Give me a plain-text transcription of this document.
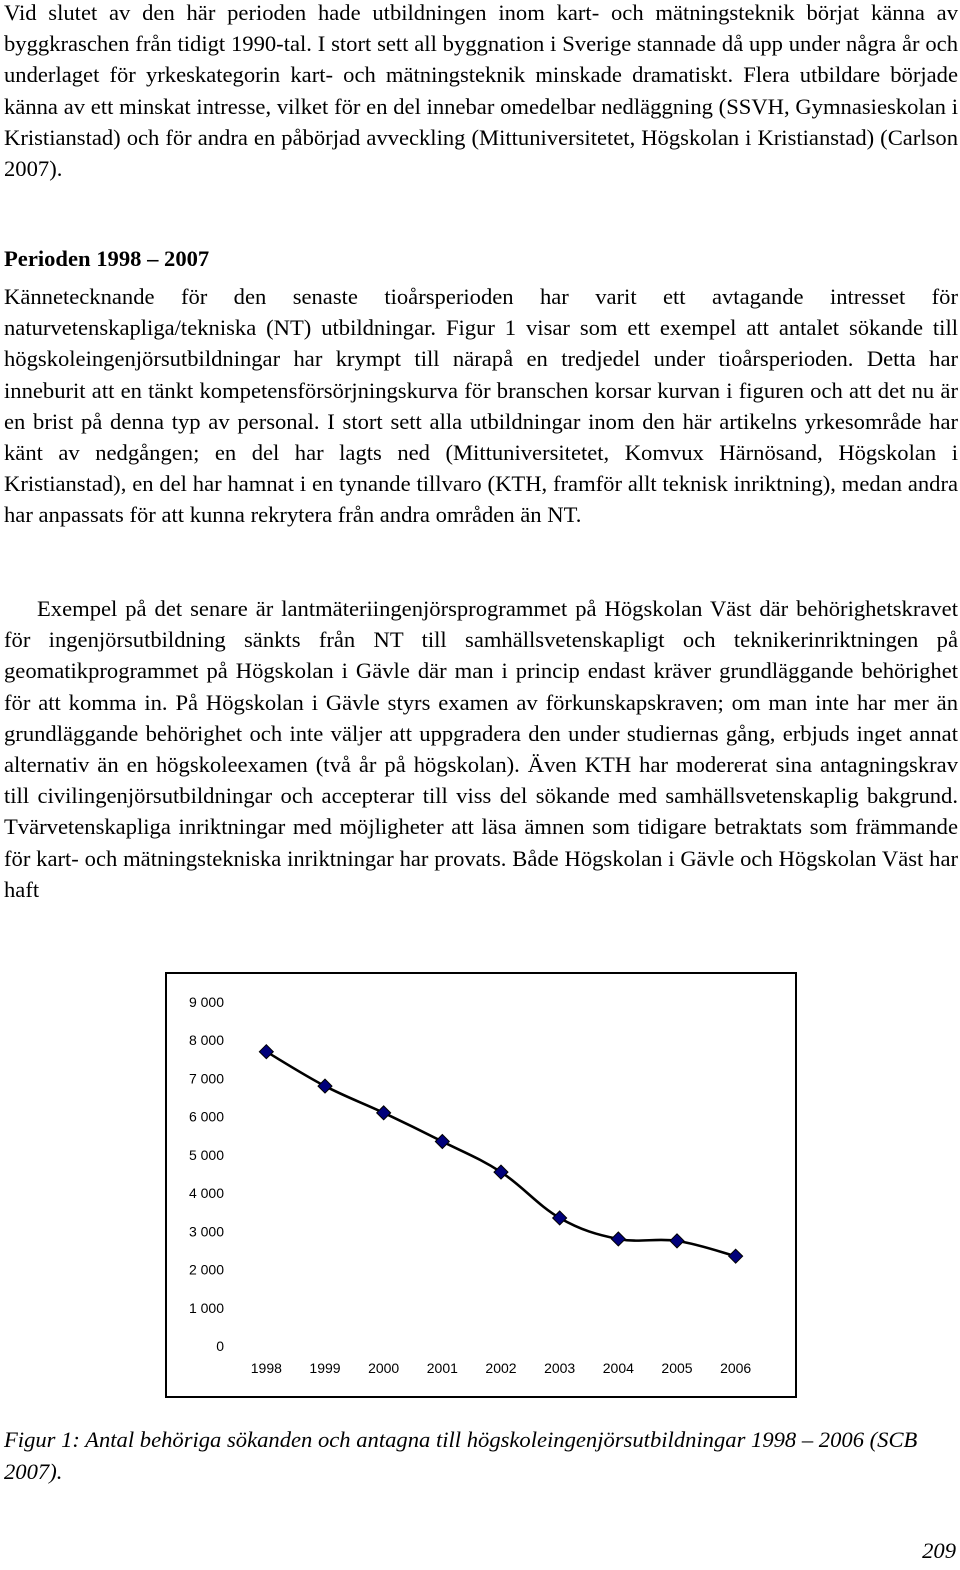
Vid slutet av den här perioden hade utbildningen inom kart- och mätningsteknik börjat känna av byggkraschen från tidigt 1990-tal. I stort sett all byggnation i Sverige stannade då upp under några år och underlaget för yrkeskategorin kart- och mätningsteknik minskade dramatiskt. Flera utbildare började känna av ett minskat intresse, vilket för en del innebar omedelbar nedläggning (SSVH, Gymnasieskolan i Kristianstad) och för andra en påbörjad avveckling (Mittuniversitetet, Högskolan i Kristianstad) (Carlson 2007).

Perioden 1998 – 2007

Kännetecknande för den senaste tioårsperioden har varit ett avtagande intresset för naturvetenskapliga/tekniska (NT) utbildningar. Figur 1 visar som ett exempel att antalet sökande till högskoleingenjörsutbildningar har krympt till närapå en tredjedel under tioårsperioden. Detta har inneburit att en tänkt kompetensförsörjningskurva för branschen korsar kurvan i figuren och att det nu är en brist på denna typ av personal. I stort sett alla utbildningar inom den här artikelns yrkesområde har känt av nedgången; en del har lagts ned (Mittuniversitetet, Komvux Härnösand, Högskolan i Kristianstad), en del har hamnat i en tynande tillvaro (KTH, framför allt teknisk inriktning), medan andra har anpassats för att kunna rekrytera från andra områden än NT.

Exempel på det senare är lantmäteriingenjörsprogrammet på Högskolan Väst där behörighetskravet för ingenjörsutbildning sänkts från NT till samhällsvetenskapligt och teknikerinriktningen på geomatikprogrammet på Högskolan i Gävle där man i princip endast kräver grundläggande behörighet för att komma in. På Högskolan i Gävle styrs examen av förkunskapskraven; om man inte har mer än grundläggande behörighet och inte väljer att uppgradera den under studiernas gång, erbjuds inget annat alternativ än en högskoleexamen (två år på högskolan). Även KTH har modererat sina antagningskrav till civilingenjörsutbildningar och accepterar till viss del sökande med samhällsvetenskaplig bakgrund. Tvärvetenskapliga inriktningar med möjligheter att läsa ämnen som tidigare betraktats som främmande för kart- och mätningstekniska inriktningar har provats. Både Högskolan i Gävle och Högskolan Väst har haft

0
1 000
2 000
3 000
4 000
5 000
6 000
7 000
8 000
9 000
1998 1999 2000 2001 2002 2003 2004 2005 2006
Figur 1: Antal behöriga sökanden och antagna till högskoleingenjörsutbildningar 1998 – 2006 (SCB 2007).
209
